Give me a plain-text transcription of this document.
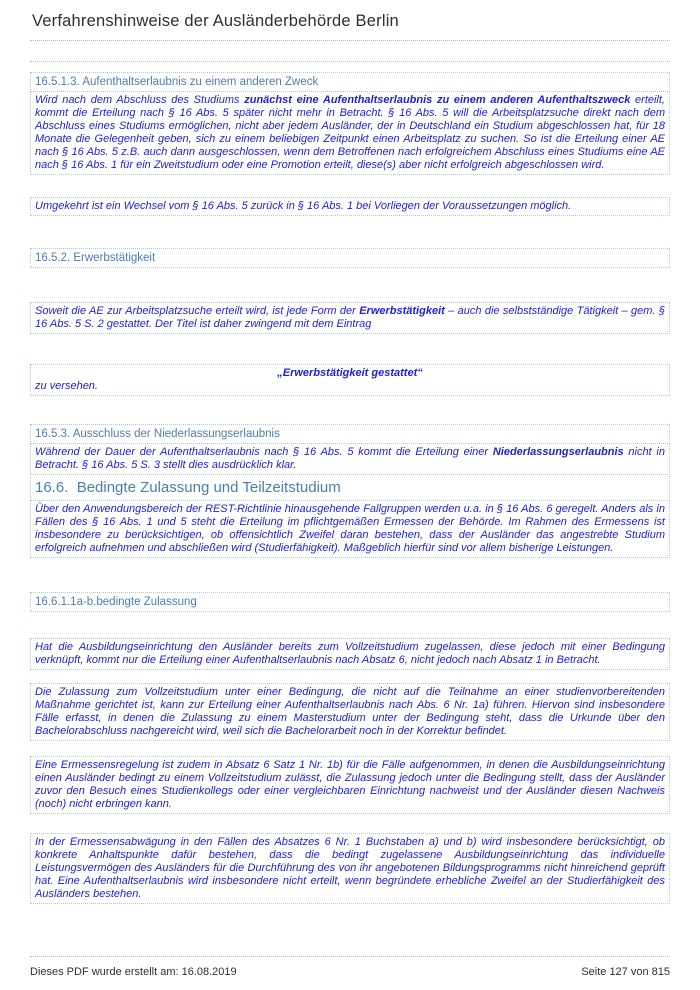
Verfahrenshinweise der Ausländerbehörde Berlin
16.5.1.3. Aufenthaltserlaubnis zu einem anderen Zweck
Wird nach dem Abschluss des Studiums zunächst eine Aufenthaltserlaubnis zu einem anderen Aufenthaltszweck erteilt, kommt die Erteilung nach § 16 Abs. 5 später nicht mehr in Betracht. § 16 Abs. 5 will die Arbeitsplatzsuche direkt nach dem Abschluss eines Studiums ermöglichen, nicht aber jedem Ausländer, der in Deutschland ein Studium abgeschlossen hat, für 18 Monate die Gelegenheit geben, sich zu einem beliebigen Zeitpunkt einen Arbeitsplatz zu suchen. So ist die Erteilung einer AE nach § 16 Abs. 5 z.B. auch dann ausgeschlossen, wenn dem Betroffenen nach erfolgreichem Abschluss eines Studiums eine AE nach § 16 Abs. 1 für ein Zweitstudium oder eine Promotion erteilt, diese(s) aber nicht erfolgreich abgeschlossen wird.
Umgekehrt ist ein Wechsel vom § 16 Abs. 5 zurück in § 16 Abs. 1 bei Vorliegen der Voraussetzungen möglich.
16.5.2. Erwerbstätigkeit
Soweit die AE zur Arbeitsplatzsuche erteilt wird, ist jede Form der Erwerbstätigkeit – auch die selbstständige Tätigkeit – gem. § 16 Abs. 5 S. 2 gestattet. Der Titel ist daher zwingend mit dem Eintrag
„Erwerbstätigkeit gestattet“
zu versehen.
16.5.3. Ausschluss der Niederlassungserlaubnis
Während der Dauer der Aufenthaltserlaubnis nach § 16 Abs. 5 kommt die Erteilung einer Niederlassungserlaubnis nicht in Betracht. § 16 Abs. 5 S. 3 stellt dies ausdrücklich klar.
16.6.  Bedingte Zulassung und Teilzeitstudium
Über den Anwendungsbereich der REST-Richtlinie hinausgehende Fallgruppen werden u.a. in § 16 Abs. 6 geregelt. Anders als in Fällen des § 16 Abs. 1 und 5 steht die Erteilung im pflichtgemäßen Ermessen der Behörde. Im Rahmen des Ermessens ist insbesondere zu berücksichtigen, ob offensichtlich Zweifel daran bestehen, dass der Ausländer das angestrebte Studium erfolgreich aufnehmen und abschließen wird (Studierfähigkeit). Maßgeblich hierfür sind vor allem bisherige Leistungen.
16.6.1.1a-b.bedingte Zulassung
Hat die Ausbildungseinrichtung den Ausländer bereits zum Vollzeitstudium zugelassen, diese jedoch mit einer Bedingung verknüpft, kommt nur die Erteilung einer Aufenthaltserlaubnis nach Absatz 6, nicht jedoch nach Absatz 1 in Betracht.
Die Zulassung zum Vollzeitstudium unter einer Bedingung, die nicht auf die Teilnahme an einer studienvorbereitenden Maßnahme gerichtet ist, kann zur Erteilung einer Aufenthaltserlaubnis nach Abs. 6 Nr. 1a) führen. Hiervon sind insbesondere Fälle erfasst, in denen die Zulassung zu einem Masterstudium unter der Bedingung steht, dass die Urkunde über den Bachelorabschluss nachgereicht wird, weil sich die Bachelorarbeit noch in der Korrektur befindet.
Eine Ermessensregelung ist zudem in Absatz 6 Satz 1 Nr. 1b) für die Fälle aufgenommen, in denen die Ausbildungseinrichtung einen Ausländer bedingt zu einem Vollzeitstudium zulässt, die Zulassung jedoch unter die Bedingung stellt, dass der Ausländer zuvor den Besuch eines Studienkollegs oder einer vergleichbaren Einrichtung nachweist und der Ausländer diesen Nachweis (noch) nicht erbringen kann.
In der Ermessensabwägung in den Fällen des Absatzes 6 Nr. 1 Buchstaben a) und b) wird insbesondere berücksichtigt, ob konkrete Anhaltspunkte dafür bestehen, dass die bedingt zugelassene Ausbildungseinrichtung das individuelle Leistungsvermögen des Ausländers für die Durchführung des von ihr angebotenen Bildungsprogramms nicht hinreichend geprüft hat. Eine Aufenthaltserlaubnis wird insbesondere nicht erteilt, wenn begründete erhebliche Zweifel an der Studierfähigkeit des Ausländers bestehen.
Dieses PDF wurde erstellt am: 16.08.2019	Seite 127 von 815
